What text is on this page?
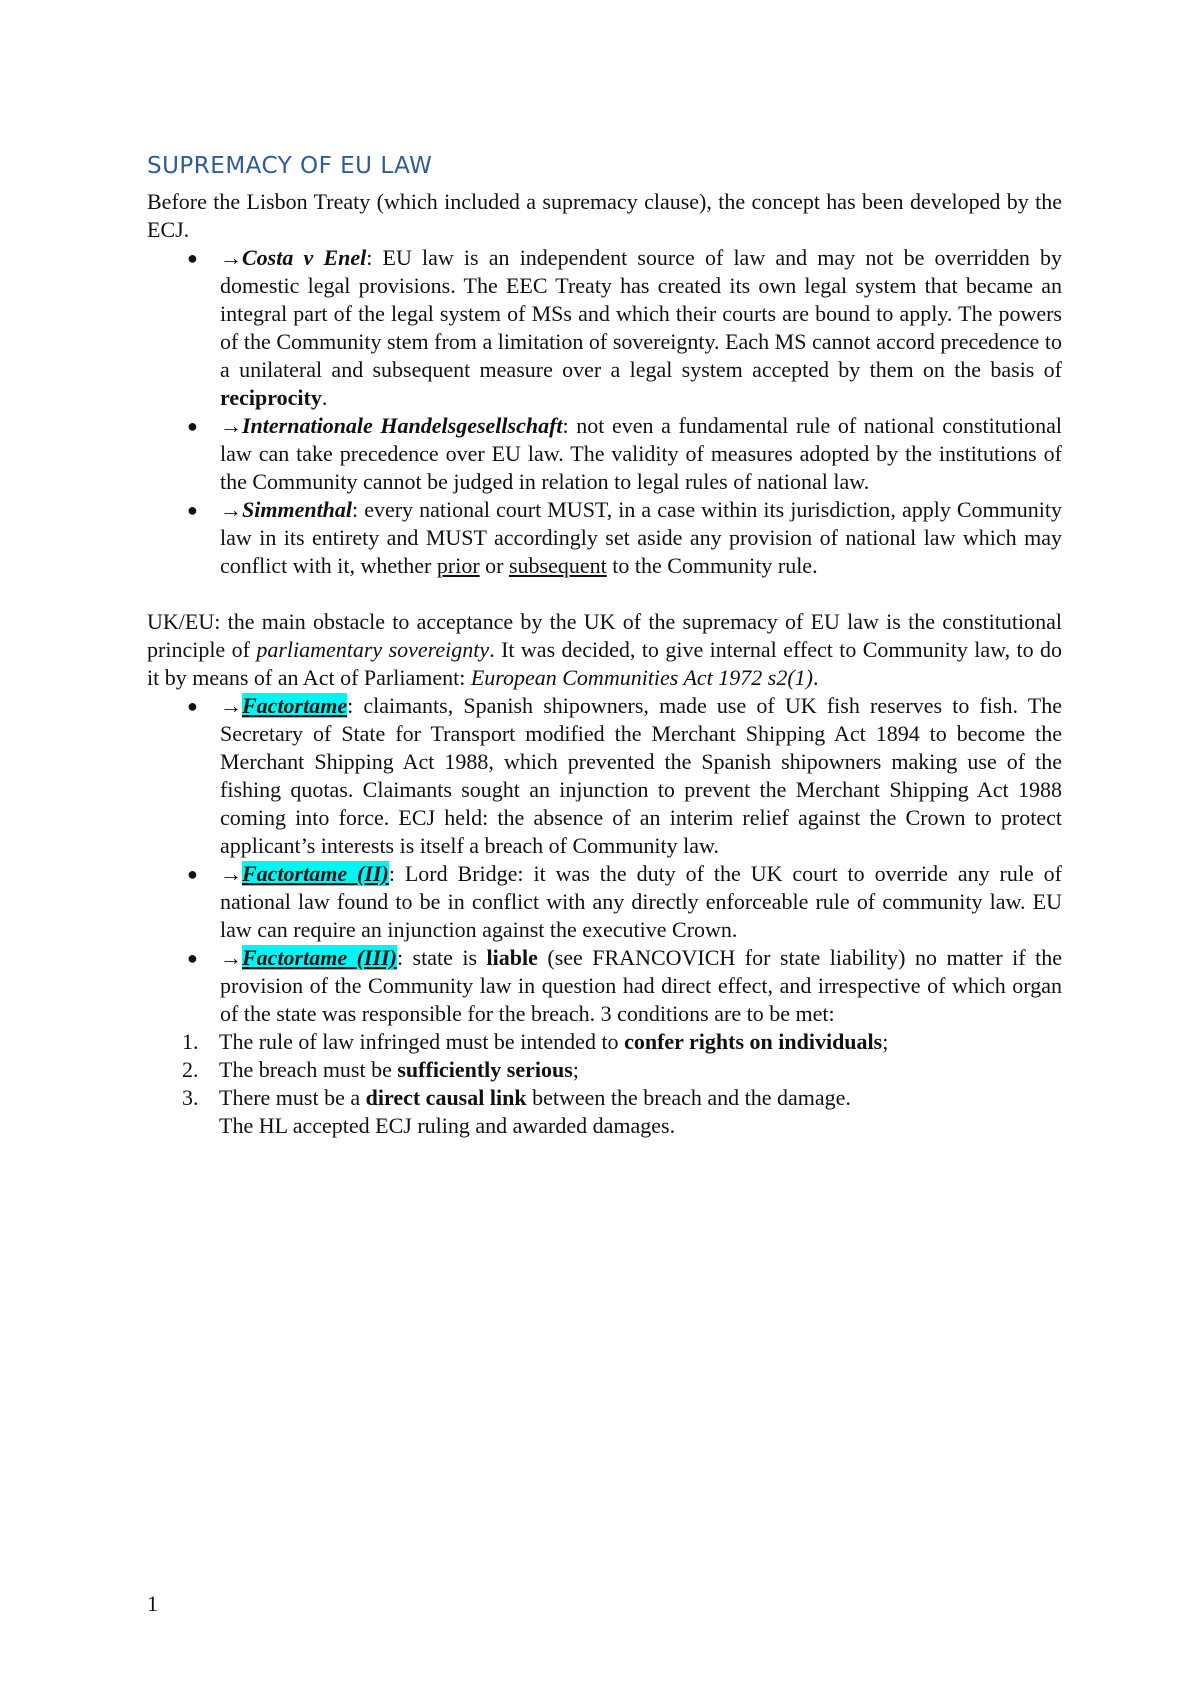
SUPREMACY OF EU LAW

Before the Lisbon Treaty (which included a supremacy clause), the concept has been developed by the ECJ.

● →Costa v Enel: EU law is an independent source of law and may not be overridden by domestic legal provisions. The EEC Treaty has created its own legal system that became an integral part of the legal system of MSs and which their courts are bound to apply. The powers of the Community stem from a limitation of sovereignty. Each MS cannot accord precedence to a unilateral and subsequent measure over a legal system accepted by them on the basis of reciprocity.
● →Internationale Handelsgesellschaft: not even a fundamental rule of national constitutional law can take precedence over EU law. The validity of measures adopted by the institutions of the Community cannot be judged in relation to legal rules of national law.
● →Simmenthal: every national court MUST, in a case within its jurisdiction, apply Community law in its entirety and MUST accordingly set aside any provision of national law which may conflict with it, whether prior or subsequent to the Community rule.

UK/EU: the main obstacle to acceptance by the UK of the supremacy of EU law is the constitutional principle of parliamentary sovereignty. It was decided, to give internal effect to Community law, to do it by means of an Act of Parliament: European Communities Act 1972 s2(1).

● →Factortame: claimants, Spanish shipowners, made use of UK fish reserves to fish. The Secretary of State for Transport modified the Merchant Shipping Act 1894 to become the Merchant Shipping Act 1988, which prevented the Spanish shipowners making use of the fishing quotas. Claimants sought an injunction to prevent the Merchant Shipping Act 1988 coming into force. ECJ held: the absence of an interim relief against the Crown to protect applicant’s interests is itself a breach of Community law.
● →Factortame (II): Lord Bridge: it was the duty of the UK court to override any rule of national law found to be in conflict with any directly enforceable rule of community law. EU law can require an injunction against the executive Crown.
● →Factortame (III): state is liable (see FRANCOVICH for state liability) no matter if the provision of the Community law in question had direct effect, and irrespective of which organ of the state was responsible for the breach. 3 conditions are to be met:
1. The rule of law infringed must be intended to confer rights on individuals;
2. The breach must be sufficiently serious;
3. There must be a direct causal link between the breach and the damage.
The HL accepted ECJ ruling and awarded damages.
1
